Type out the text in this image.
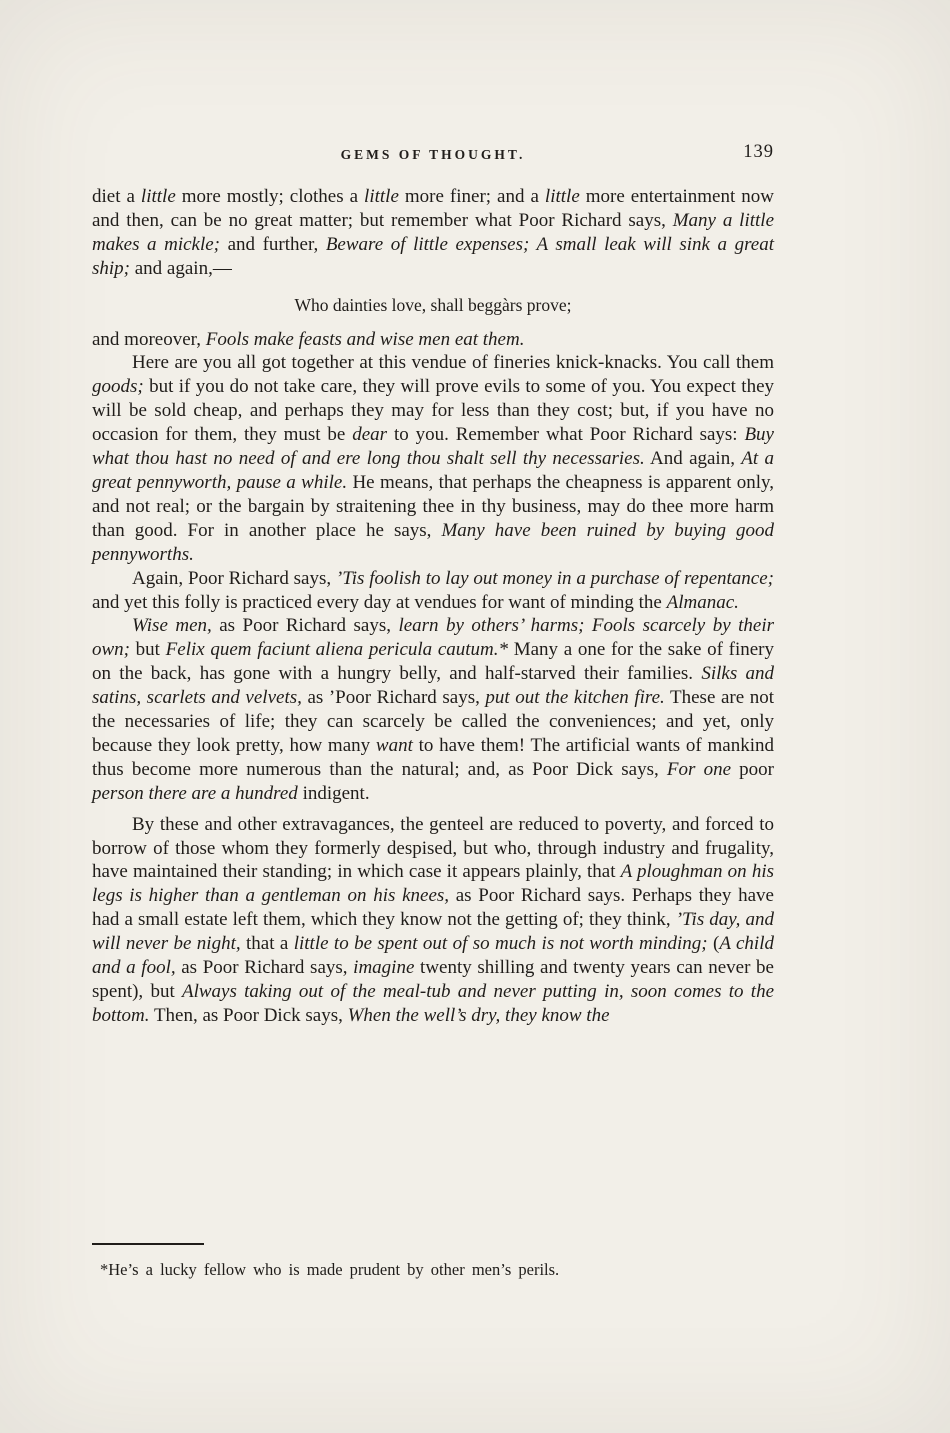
GEMS OF THOUGHT.	139

diet a little more mostly; clothes a little more finer; and a little more entertainment now and then, can be no great matter; but remember what Poor Richard says, Many a little makes a mickle; and further, Beware of little expenses; A small leak will sink a great ship; and again,—

Who dainties love, shall beggàrs prove;

and moreover, Fools make feasts and wise men eat them.

Here are you all got together at this vendue of fineries knick-knacks. You call them goods; but if you do not take care, they will prove evils to some of you. You expect they will be sold cheap, and perhaps they may for less than they cost; but, if you have no occasion for them, they must be dear to you. Remember what Poor Richard says: Buy what thou hast no need of and ere long thou shalt sell thy necessaries. And again, At a great pennyworth, pause a while. He means, that perhaps the cheapness is apparent only, and not real; or the bargain by straitening thee in thy business, may do thee more harm than good. For in another place he says, Many have been ruined by buying good pennyworths.

Again, Poor Richard says, ’Tis foolish to lay out money in a purchase of repentance; and yet this folly is practiced every day at vendues for want of minding the Almanac.

Wise men, as Poor Richard says, learn by others’ harms; Fools scarcely by their own; but Felix quem faciunt aliena pericula cautum.* Many a one for the sake of finery on the back, has gone with a hungry belly, and half-starved their families. Silks and satins, scarlets and velvets, as ’Poor Richard says, put out the kitchen fire. These are not the necessaries of life; they can scarcely be called the conveniences; and yet, only because they look pretty, how many want to have them! The artificial wants of mankind thus become more numerous than the natural; and, as Poor Dick says, For one poor person there are a hundred indigent.

By these and other extravagances, the genteel are reduced to poverty, and forced to borrow of those whom they formerly despised, but who, through industry and frugality, have maintained their standing; in which case it appears plainly, that A ploughman on his legs is higher than a gentleman on his knees, as Poor Richard says. Perhaps they have had a small estate left them, which they know not the getting of; they think, ’Tis day, and will never be night, that a little to be spent out of so much is not worth minding; (A child and a fool, as Poor Richard says, imagine twenty shilling and twenty years can never be spent), but Always taking out of the meal-tub and never putting in, soon comes to the bottom. Then, as Poor Dick says, When the well’s dry, they know the

*He’s a lucky fellow who is made prudent by other men’s perils.
